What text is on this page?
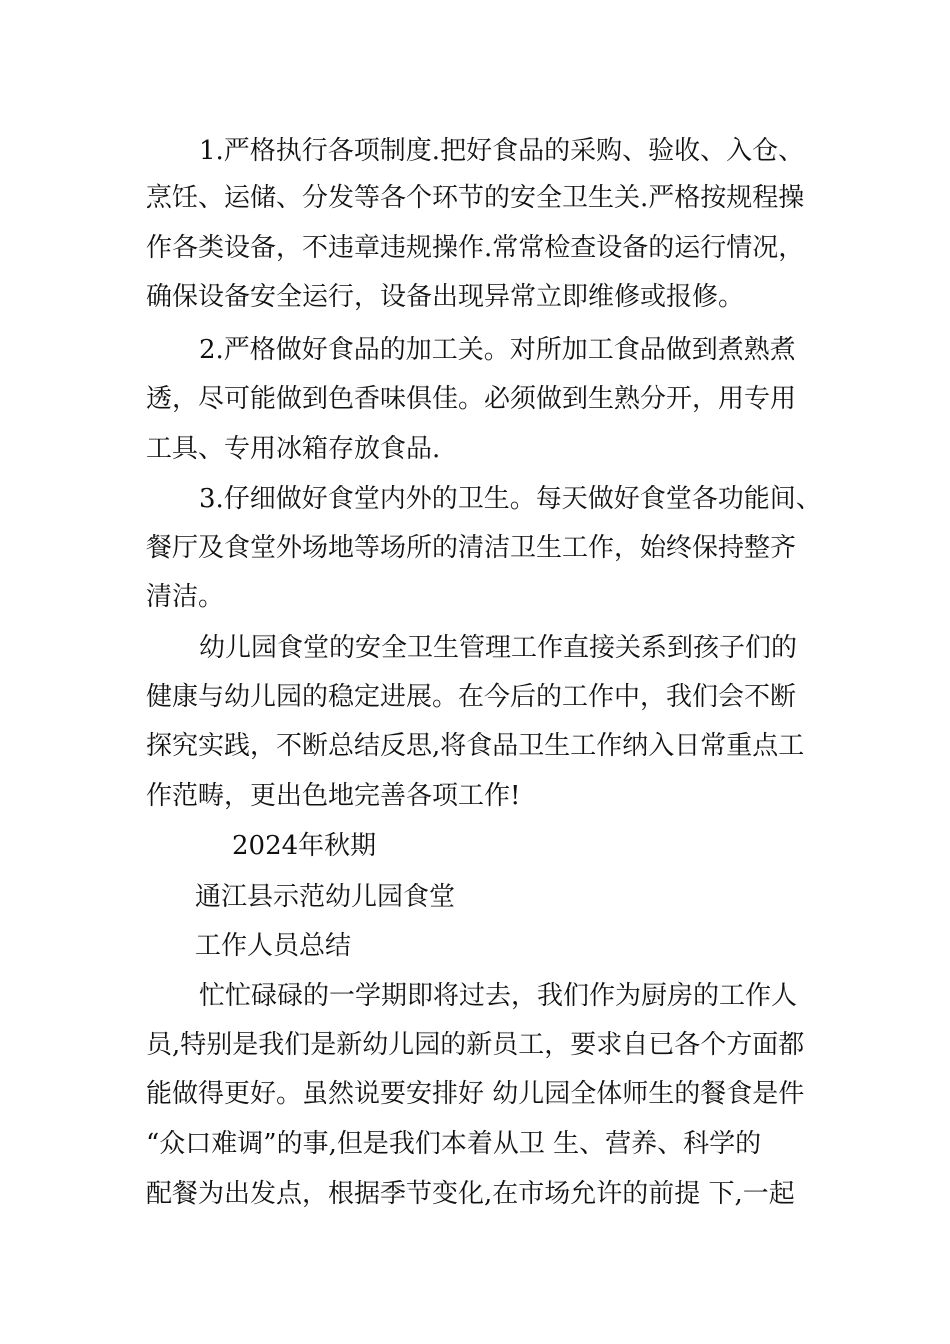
1.严格执行各项制度.把好食品的采购、验收、入仓、
烹饪、运储、分发等各个环节的安全卫生关.严格按规程操
作各类设备，不违章违规操作.常常检查设备的运行情况，
确保设备安全运行，设备出现异常立即维修或报修。
2.严格做好食品的加工关。对所加工食品做到煮熟煮
透，尽可能做到色香味俱佳。必须做到生熟分开，用专用
工具、专用冰箱存放食品.
3.仔细做好食堂内外的卫生。每天做好食堂各功能间、
餐厅及食堂外场地等场所的清洁卫生工作，始终保持整齐
清洁。
幼儿园食堂的安全卫生管理工作直接关系到孩子们的
健康与幼儿园的稳定进展。在今后的工作中，我们会不断
探究实践，不断总结反思,将食品卫生工作纳入日常重点工
作范畴，更出色地完善各项工作!
2024年秋期
通江县示范幼儿园食堂
工作人员总结
忙忙碌碌的一学期即将过去，我们作为厨房的工作人
员,特别是我们是新幼儿园的新员工，要求自已各个方面都
能做得更好。虽然说要安排好 幼儿园全体师生的餐食是件
“众口难调”的事,但是我们本着从卫 生、营养、科学的
配餐为出发点，根据季节变化,在市场允许的前提 下,一起
